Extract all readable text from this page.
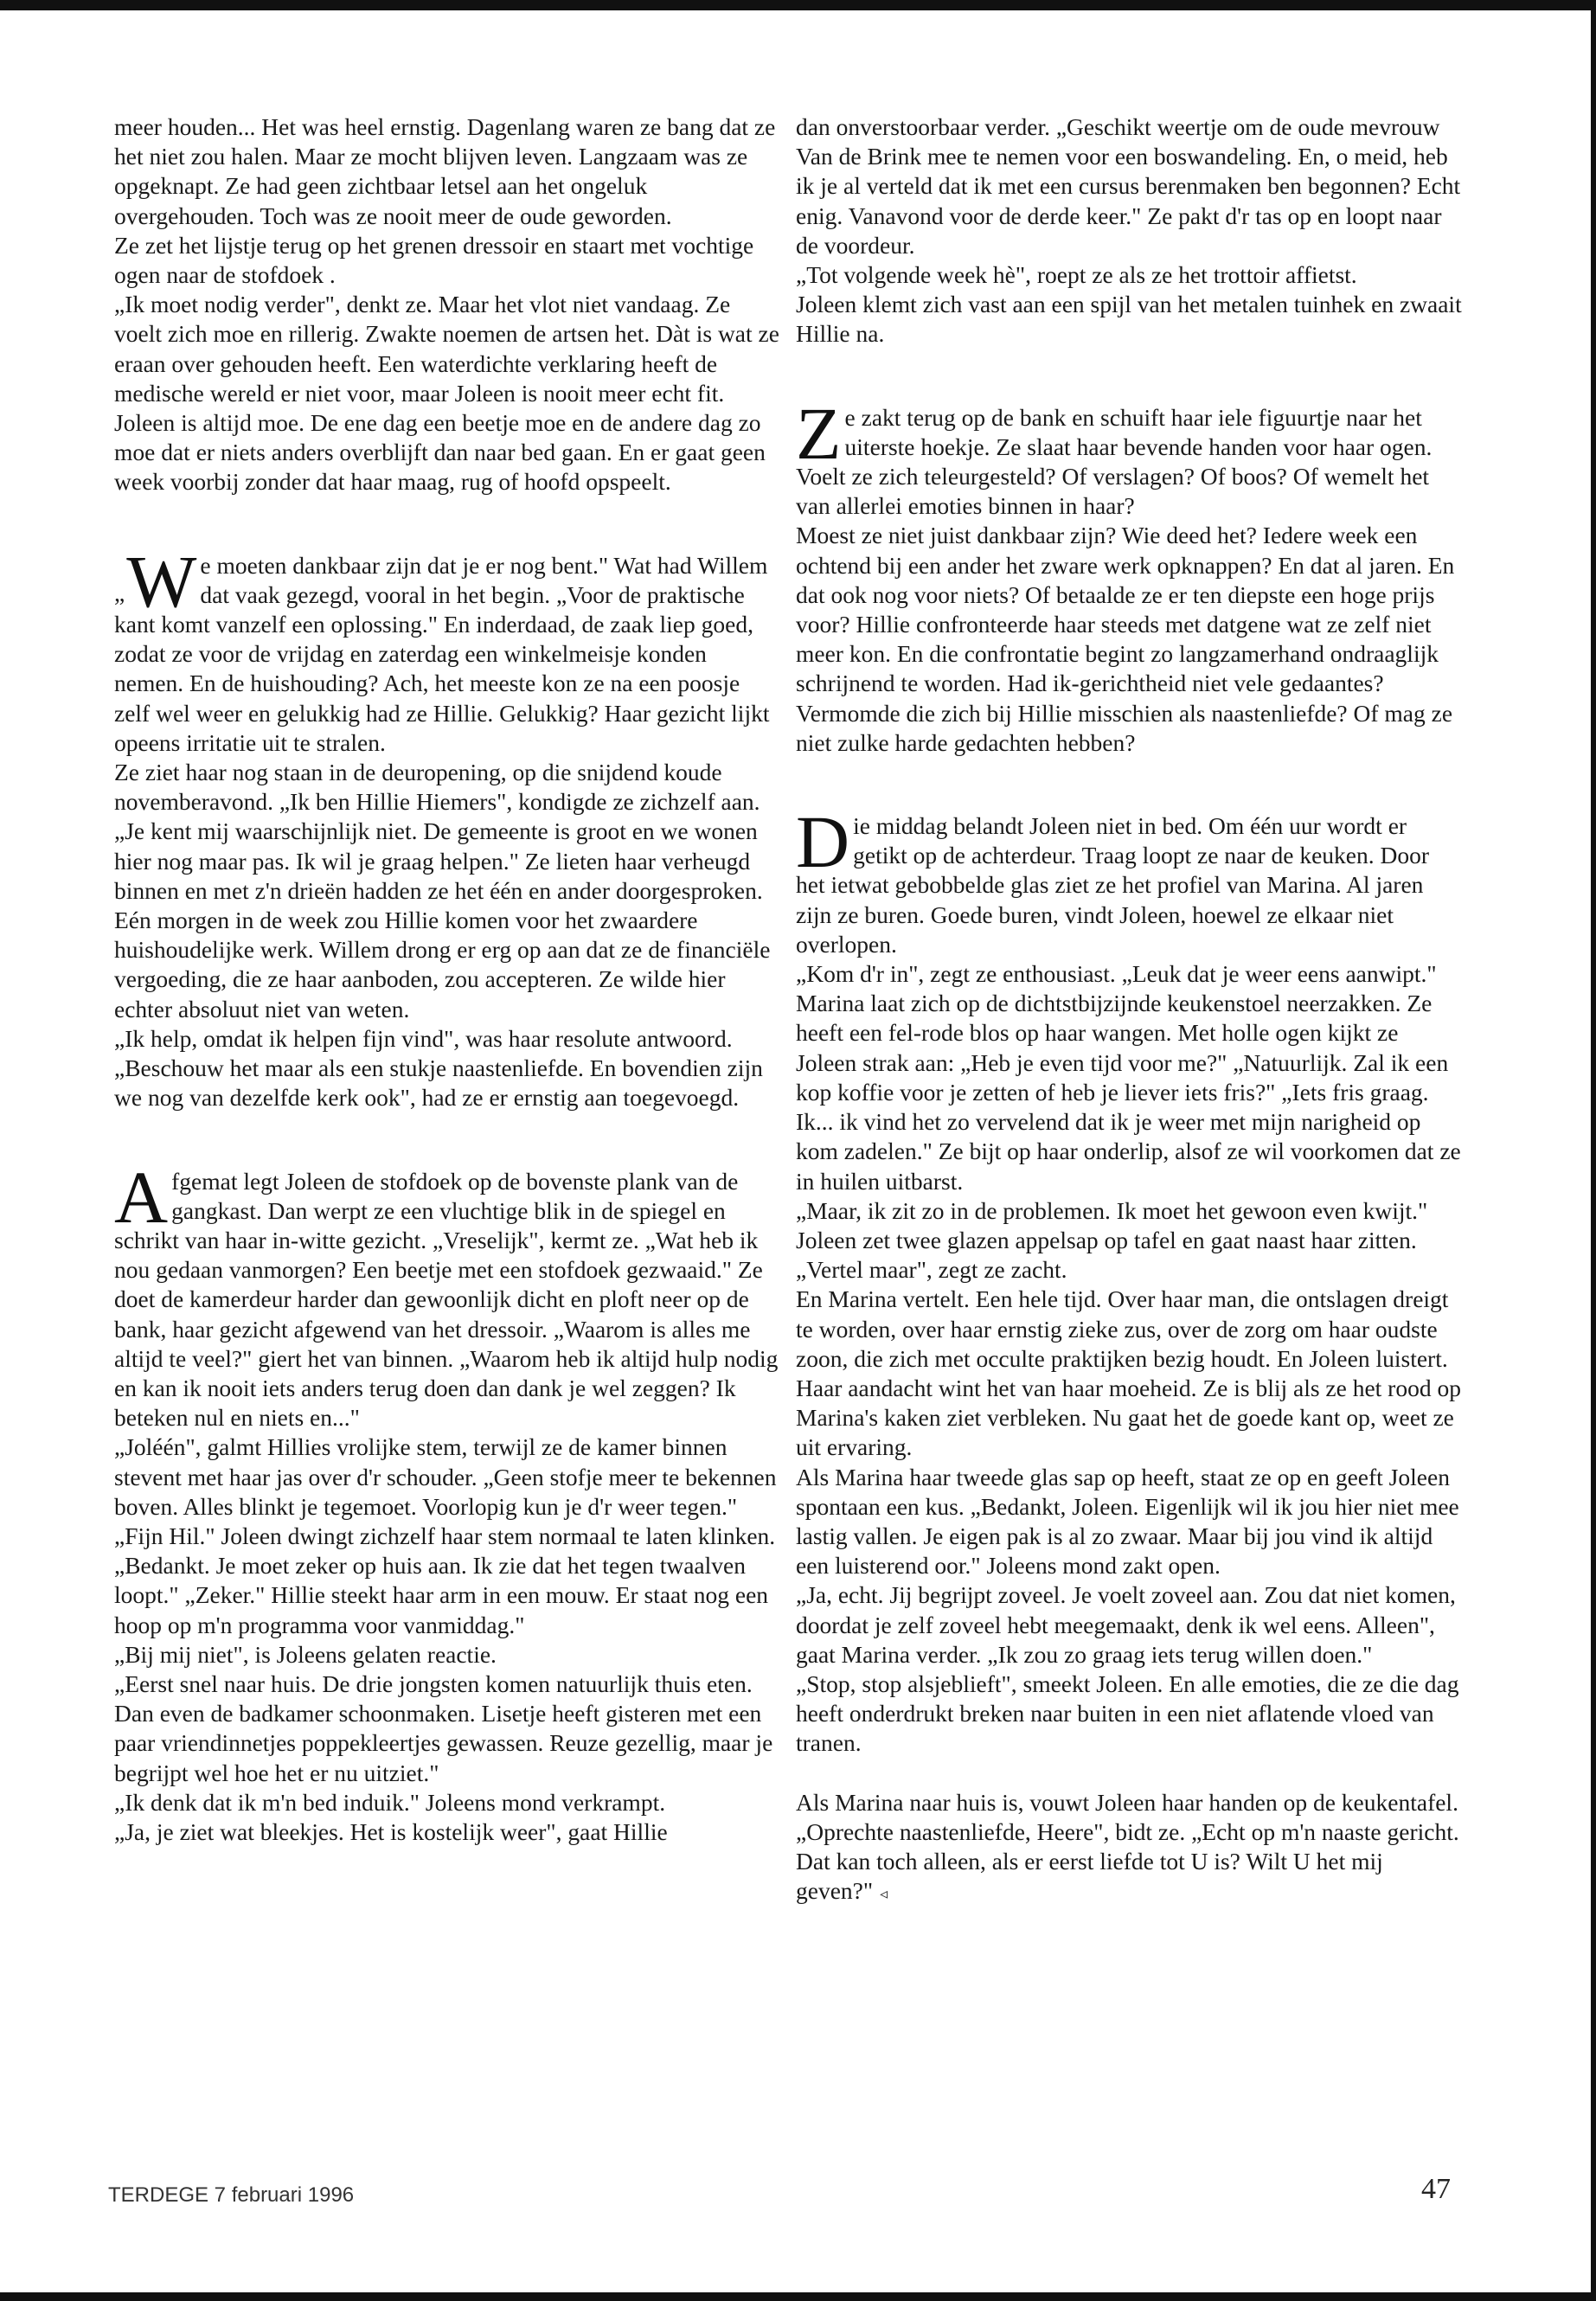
meer houden... Het was heel ernstig. Dagenlang waren ze bang dat ze het niet zou halen. Maar ze mocht blijven leven. Langzaam was ze opgeknapt. Ze had geen zichtbaar letsel aan het ongeluk overgehouden. Toch was ze nooit meer de oude geworden.

Ze zet het lijstje terug op het grenen dressoir en staart met vochtige ogen naar de stofdoek .

„Ik moet nodig verder", denkt ze. Maar het vlot niet vandaag. Ze voelt zich moe en rillerig. Zwakte noemen de artsen het. Dàt is wat ze eraan over gehouden heeft. Een waterdichte verklaring heeft de medische wereld er niet voor, maar Joleen is nooit meer echt fit. Joleen is altijd moe. De ene dag een beetje moe en de andere dag zo moe dat er niets anders overblijft dan naar bed gaan. En er gaat geen week voorbij zonder dat haar maag, rug of hoofd opspeelt.

„ W e moeten dankbaar zijn dat je er nog bent." Wat had Willem dat vaak gezegd, vooral in het begin. „Voor de praktische kant komt vanzelf een oplossing." En inderdaad, de zaak liep goed, zodat ze voor de vrijdag en zaterdag een winkelmeisje konden nemen. En de huishouding? Ach, het meeste kon ze na een poosje zelf wel weer en gelukkig had ze Hillie. Gelukkig? Haar gezicht lijkt opeens irritatie uit te stralen.

Ze ziet haar nog staan in de deuropening, op die snijdend koude novemberavond. „Ik ben Hillie Hiemers", kondigde ze zichzelf aan. „Je kent mij waarschijnlijk niet. De gemeente is groot en we wonen hier nog maar pas. Ik wil je graag helpen." Ze lieten haar verheugd binnen en met z'n drieën hadden ze het één en ander doorgesproken. Eén morgen in de week zou Hillie komen voor het zwaardere huishoudelijke werk. Willem drong er erg op aan dat ze de financiële vergoeding, die ze haar aanboden, zou accepteren. Ze wilde hier echter absoluut niet van weten.

„Ik help, omdat ik helpen fijn vind", was haar resolute antwoord. „Beschouw het maar als een stukje naastenliefde. En bovendien zijn we nog van dezelfde kerk ook", had ze er ernstig aan toegevoegd.

Afgemat legt Joleen de stofdoek op de bovenste plank van de gangkast. Dan werpt ze een vluchtige blik in de spiegel en schrikt van haar in-witte gezicht. „Vreselijk", kermt ze. „Wat heb ik nou gedaan vanmorgen? Een beetje met een stofdoek gezwaaid." Ze doet de kamerdeur harder dan gewoonlijk dicht en ploft neer op de bank, haar gezicht afgewend van het dressoir. „Waarom is alles me altijd te veel?" giert het van binnen. „Waarom heb ik altijd hulp nodig en kan ik nooit iets anders terug doen dan dank je wel zeggen? Ik beteken nul en niets en..."

„Joléén", galmt Hillies vrolijke stem, terwijl ze de kamer binnen stevent met haar jas over d'r schouder. „Geen stofje meer te bekennen boven. Alles blinkt je tegemoet. Voorlopig kun je d'r weer tegen."

„Fijn Hil." Joleen dwingt zichzelf haar stem normaal te laten klinken. „Bedankt. Je moet zeker op huis aan. Ik zie dat het tegen twaalven loopt." „Zeker." Hillie steekt haar arm in een mouw. Er staat nog een hoop op m'n programma voor vanmiddag."

„Bij mij niet", is Joleens gelaten reactie.

„Eerst snel naar huis. De drie jongsten komen natuurlijk thuis eten. Dan even de badkamer schoonmaken. Lisetje heeft gisteren met een paar vriendinnetjes poppekleertjes gewassen. Reuze gezellig, maar je begrijpt wel hoe het er nu uitziet."

„Ik denk dat ik m'n bed induik." Joleens mond verkrampt.

„Ja, je ziet wat bleekjes. Het is kostelijk weer", gaat Hillie

dan onverstoorbaar verder. „Geschikt weertje om de oude mevrouw Van de Brink mee te nemen voor een boswandeling. En, o meid, heb ik je al verteld dat ik met een cursus berenmaken ben begonnen? Echt enig. Vanavond voor de derde keer." Ze pakt d'r tas op en loopt naar de voordeur.

„Tot volgende week hè", roept ze als ze het trottoir affietst.

Joleen klemt zich vast aan een spijl van het metalen tuinhek en zwaait Hillie na.

Ze zakt terug op de bank en schuift haar iele figuurtje naar het uiterste hoekje. Ze slaat haar bevende handen voor haar ogen. Voelt ze zich teleurgesteld? Of verslagen? Of boos? Of wemelt het van allerlei emoties binnen in haar?

Moest ze niet juist dankbaar zijn? Wie deed het? Iedere week een ochtend bij een ander het zware werk opknappen? En dat al jaren. En dat ook nog voor niets? Of betaalde ze er ten diepste een hoge prijs voor? Hillie confronteerde haar steeds met datgene wat ze zelf niet meer kon. En die confrontatie begint zo langzamerhand ondraaglijk schrijnend te worden. Had ik-gerichtheid niet vele gedaantes? Vermomde die zich bij Hillie misschien als naastenliefde? Of mag ze niet zulke harde gedachten hebben?

Die middag belandt Joleen niet in bed. Om één uur wordt er getikt op de achterdeur. Traag loopt ze naar de keuken. Door het ietwat gebobbelde glas ziet ze het profiel van Marina. Al jaren zijn ze buren. Goede buren, vindt Joleen, hoewel ze elkaar niet overlopen.

„Kom d'r in", zegt ze enthousiast. „Leuk dat je weer eens aanwipt." Marina laat zich op de dichtstbijzijnde keukenstoel neerzakken. Ze heeft een fel-rode blos op haar wangen. Met holle ogen kijkt ze Joleen strak aan: „Heb je even tijd voor me?" „Natuurlijk. Zal ik een kop koffie voor je zetten of heb je liever iets fris?" „Iets fris graag. Ik... ik vind het zo vervelend dat ik je weer met mijn narigheid op kom zadelen." Ze bijt op haar onderlip, alsof ze wil voorkomen dat ze in huilen uitbarst.

„Maar, ik zit zo in de problemen. Ik moet het gewoon even kwijt." Joleen zet twee glazen appelsap op tafel en gaat naast haar zitten.

„Vertel maar", zegt ze zacht.

En Marina vertelt. Een hele tijd. Over haar man, die ontslagen dreigt te worden, over haar ernstig zieke zus, over de zorg om haar oudste zoon, die zich met occulte praktijken bezig houdt. En Joleen luistert. Haar aandacht wint het van haar moeheid. Ze is blij als ze het rood op Marina's kaken ziet verbleken. Nu gaat het de goede kant op, weet ze uit ervaring.

Als Marina haar tweede glas sap op heeft, staat ze op en geeft Joleen spontaan een kus. „Bedankt, Joleen. Eigenlijk wil ik jou hier niet mee lastig vallen. Je eigen pak is al zo zwaar. Maar bij jou vind ik altijd een luisterend oor." Joleens mond zakt open.

„Ja, echt. Jij begrijpt zoveel. Je voelt zoveel aan. Zou dat niet komen, doordat je zelf zoveel hebt meegemaakt, denk ik wel eens. Alleen", gaat Marina verder. „Ik zou zo graag iets terug willen doen."

„Stop, stop alsjeblieft", smeekt Joleen. En alle emoties, die ze die dag heeft onderdrukt breken naar buiten in een niet aflatende vloed van tranen.

Als Marina naar huis is, vouwt Joleen haar handen op de keukentafel. „Oprechte naastenliefde, Heere", bidt ze. „Echt op m'n naaste gericht. Dat kan toch alleen, als er eerst liefde tot U is? Wilt U het mij geven?" ◃

TERDEGE 7 februari 1996	47
